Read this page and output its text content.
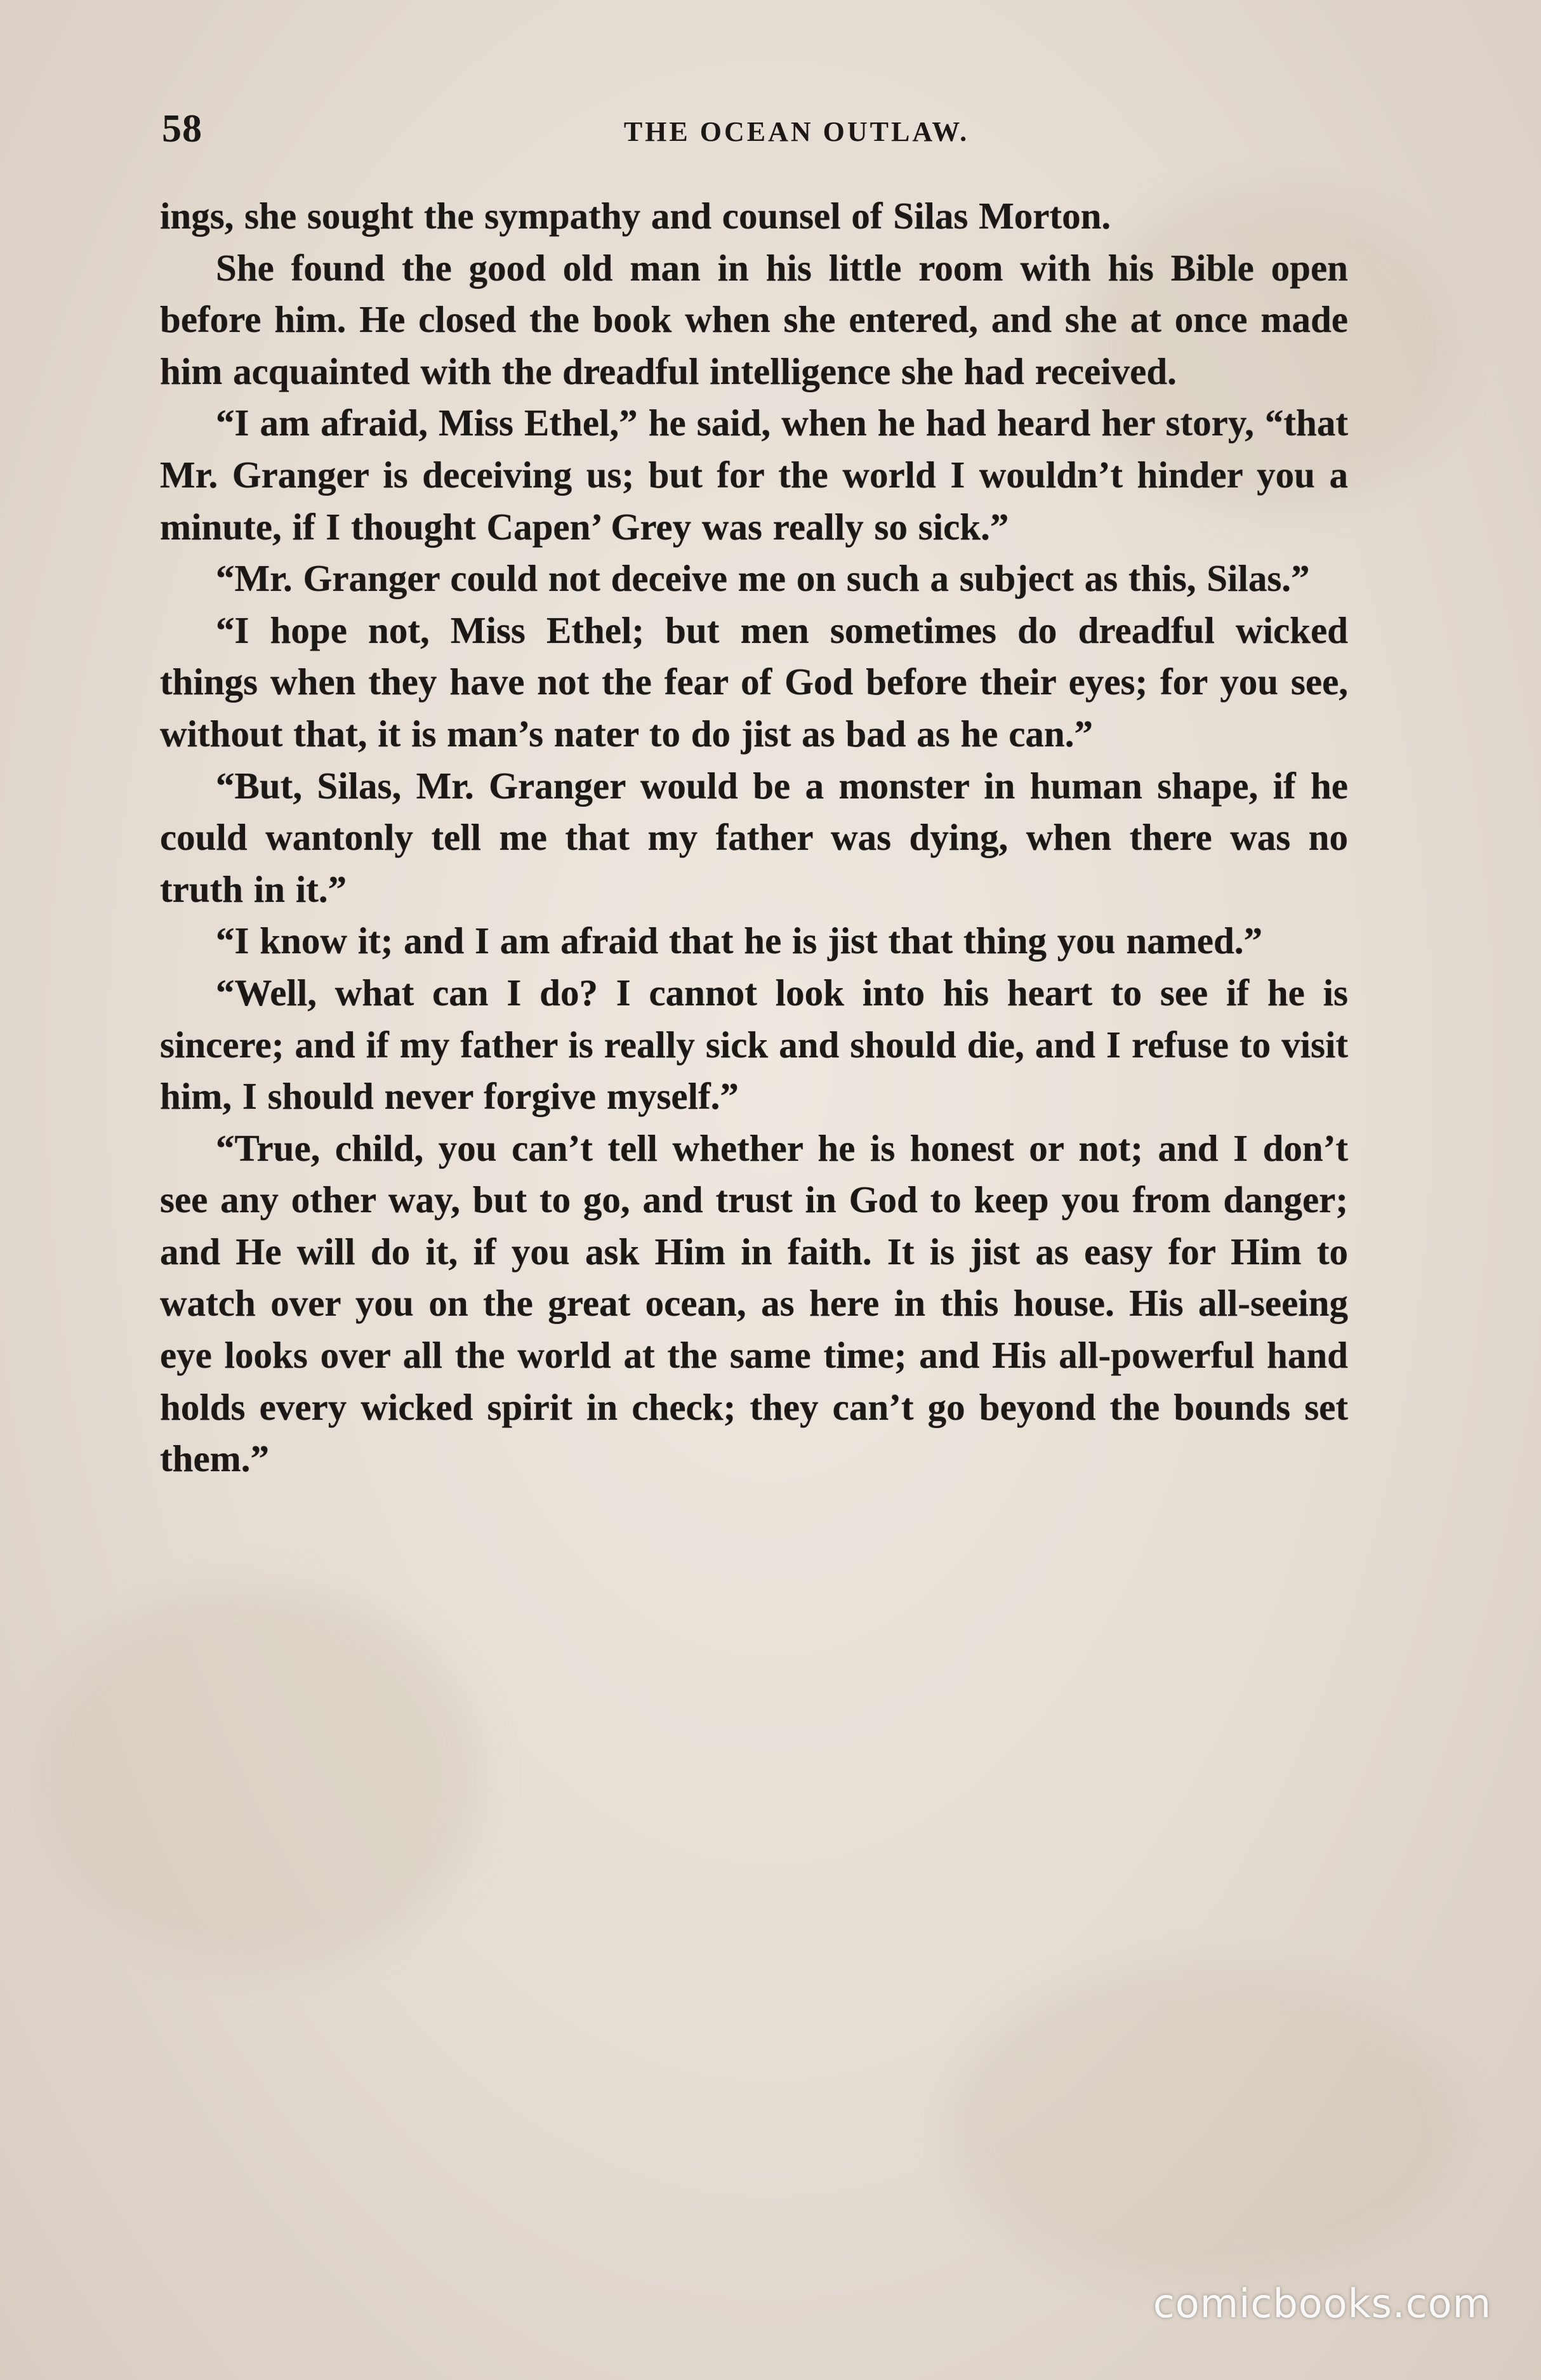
58	THE OCEAN OUTLAW.

ings, she sought the sympathy and counsel of Silas Morton.

She found the good old man in his little room with his Bible open before him. He closed the book when she entered, and she at once made him acquainted with the dreadful intelligence she had received.

“I am afraid, Miss Ethel,” he said, when he had heard her story, “that Mr. Granger is deceiving us; but for the world I wouldn’t hinder you a minute, if I thought Capen’ Grey was really so sick.”

“Mr. Granger could not deceive me on such a subject as this, Silas.”

“I hope not, Miss Ethel; but men sometimes do dreadful wicked things when they have not the fear of God before their eyes; for you see, without that, it is man’s nater to do jist as bad as he can.”

“But, Silas, Mr. Granger would be a monster in human shape, if he could wantonly tell me that my father was dying, when there was no truth in it.”

“I know it; and I am afraid that he is jist that thing you named.”

“Well, what can I do? I cannot look into his heart to see if he is sincere; and if my father is really sick and should die, and I refuse to visit him, I should never forgive myself.”

“True, child, you can’t tell whether he is honest or not; and I don’t see any other way, but to go, and trust in God to keep you from danger; and He will do it, if you ask Him in faith. It is jist as easy for Him to watch over you on the great ocean, as here in this house. His all-seeing eye looks over all the world at the same time; and His all-powerful hand holds every wicked spirit in check; they can’t go beyond the bounds set them.”

comicbooks.com
